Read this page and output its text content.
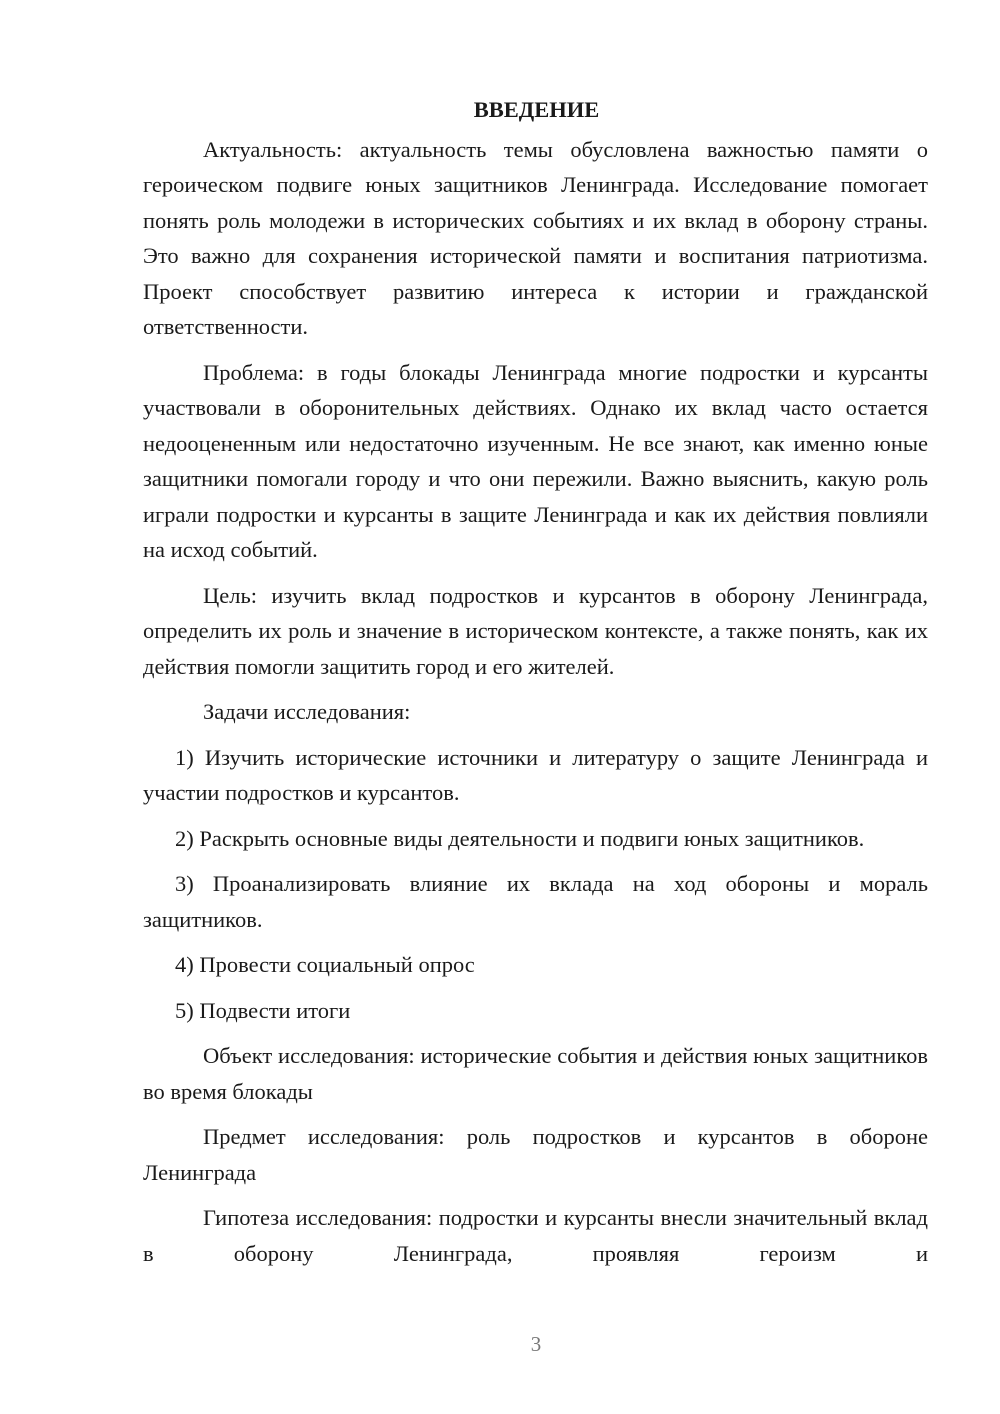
ВВЕДЕНИЕ

Актуальность: актуальность темы обусловлена важностью памяти о героическом подвиге юных защитников Ленинграда. Исследование помогает понять роль молодежи в исторических событиях и их вклад в оборону страны. Это важно для сохранения исторической памяти и воспитания патриотизма. Проект способствует развитию интереса к истории и гражданской ответственности.

Проблема: в годы блокады Ленинграда многие подростки и курсанты участвовали в оборонительных действиях. Однако их вклад часто остается недооцененным или недостаточно изученным. Не все знают, как именно юные защитники помогали городу и что они пережили. Важно выяснить, какую роль играли подростки и курсанты в защите Ленинграда и как их действия повлияли на исход событий.

Цель: изучить вклад подростков и курсантов в оборону Ленинграда, определить их роль и значение в историческом контексте, а также понять, как их действия помогли защитить город и его жителей.

Задачи исследования:

1) Изучить исторические источники и литературу о защите Ленинграда и участии подростков и курсантов.

2) Раскрыть основные виды деятельности и подвиги юных защитников.

3) Проанализировать влияние их вклада на ход обороны и мораль защитников.

4) Провести социальный опрос

5) Подвести итоги

Объект исследования: исторические события и действия юных защитников во время блокады

Предмет исследования: роль подростков и курсантов в обороне Ленинграда

Гипотеза исследования: подростки и курсанты внесли значительный вклад в оборону Ленинграда, проявляя героизм и

3
